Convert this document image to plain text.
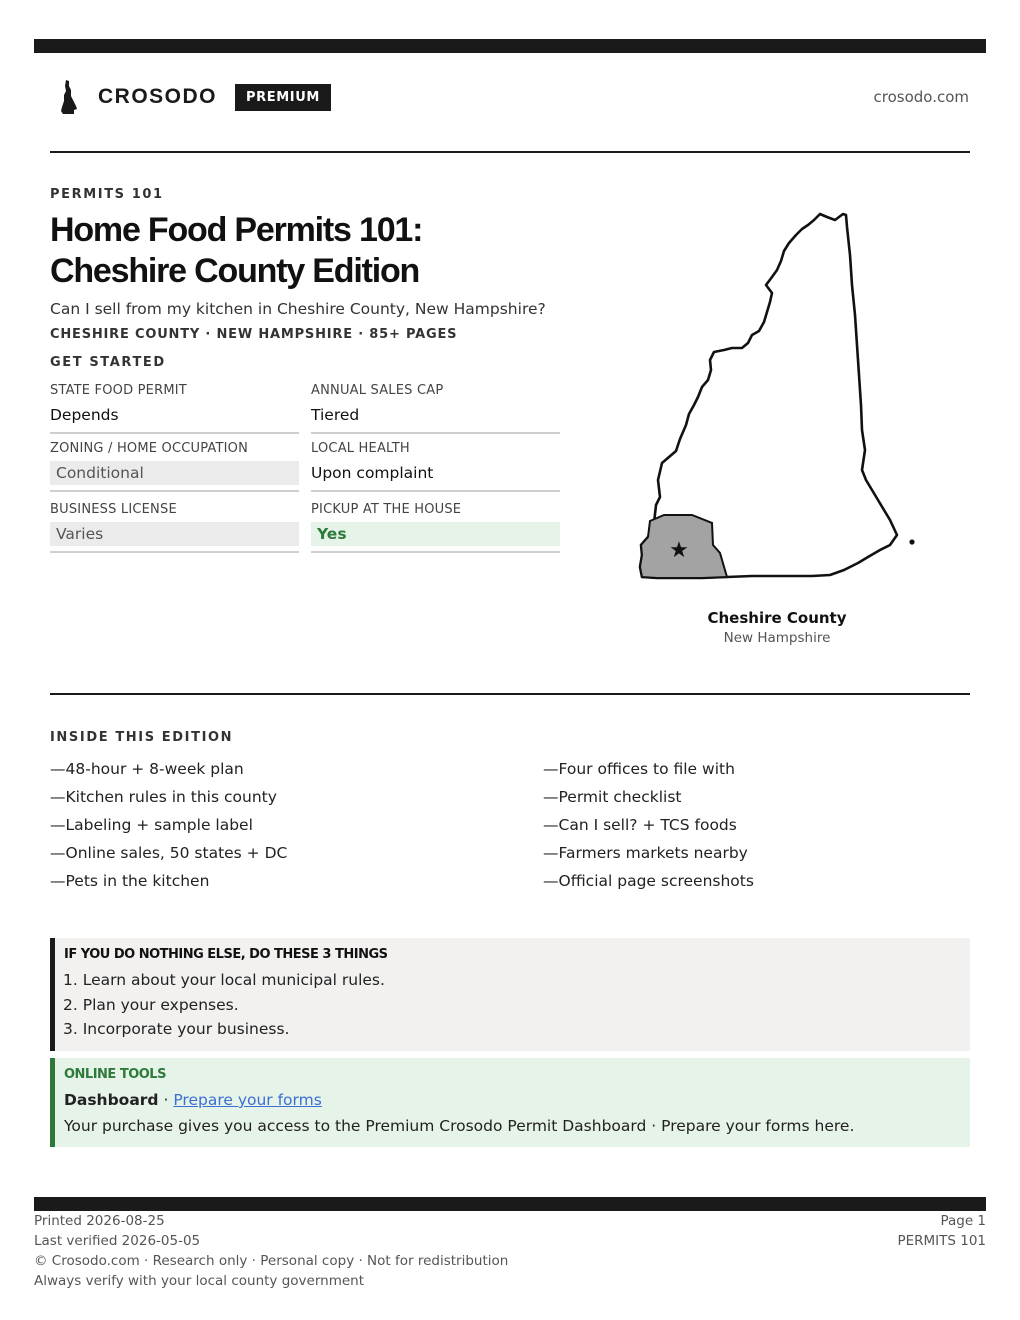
CROSODO	PREMIUM	crosodo.com
PERMITS 101
Home Food Permits 101:
Cheshire County Edition
Can I sell from my kitchen in Cheshire County, New Hampshire?
CHESHIRE COUNTY · NEW HAMPSHIRE · 85+ PAGES
GET STARTED
STATE FOOD PERMIT
Depends
ANNUAL SALES CAP
Tiered
ZONING / HOME OCCUPATION
Conditional
LOCAL HEALTH
Upon complaint
BUSINESS LICENSE
Varies
PICKUP AT THE HOUSE
Yes
★
Cheshire County
New Hampshire
INSIDE THIS EDITION
—48-hour + 8-week plan
—Kitchen rules in this county
—Labeling + sample label
—Online sales, 50 states + DC
—Pets in the kitchen
—Four offices to file with
—Permit checklist
—Can I sell? + TCS foods
—Farmers markets nearby
—Official page screenshots
IF YOU DO NOTHING ELSE, DO THESE 3 THINGS
1. Learn about your local municipal rules.
2. Plan your expenses.
3. Incorporate your business.
ONLINE TOOLS
Dashboard · Prepare your forms
Your purchase gives you access to the Premium Crosodo Permit Dashboard · Prepare your forms here.
Printed 2026-08-25
Last verified 2026-05-05
© Crosodo.com · Research only · Personal copy · Not for redistribution
Always verify with your local county government
Page 1
PERMITS 101
